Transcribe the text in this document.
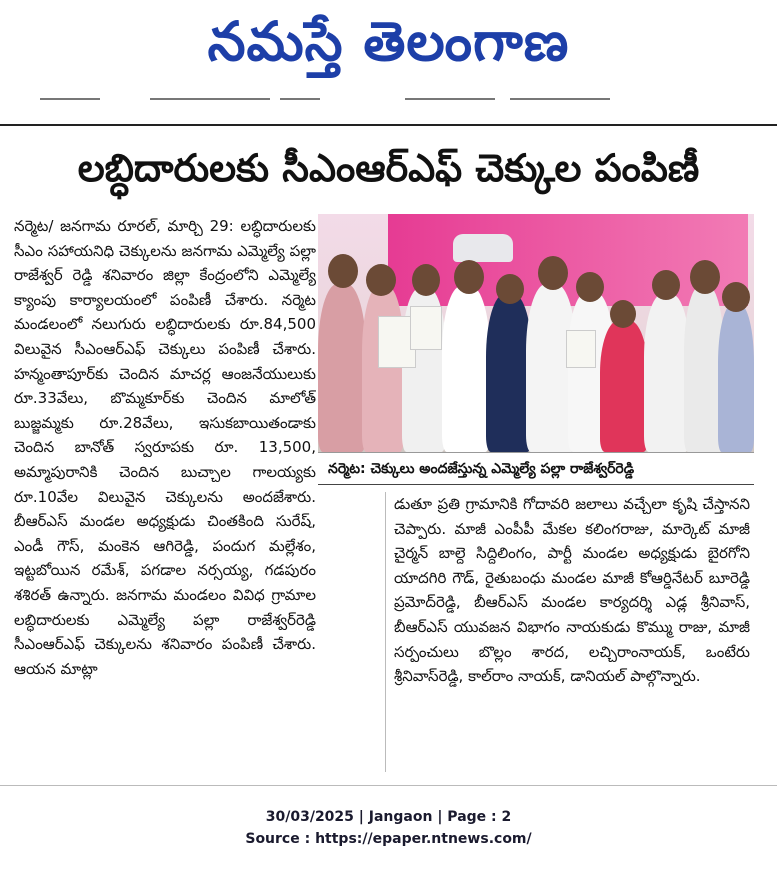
నమస్తే తెలంగాణ
లబ్ధిదారులకు సీఎంఆర్ఎఫ్ చెక్కుల పంపిణీ

నర్మెట/ జనగామ రూరల్, మార్చి 29: లబ్ధిదారులకు సీఎం సహాయనిధి చెక్కులను జనగామ ఎమ్మెల్యే పల్లా రాజేశ్వర్ రెడ్డి శనివారం జిల్లా కేంద్రంలోని ఎమ్మెల్యే క్యాంపు కార్యాలయంలో పంపిణీ చేశారు. నర్మెట మండలంలో నలుగురు లబ్ధిదారులకు రూ.84,500 విలువైన సీఎంఆర్ఎఫ్ చెక్కులు పంపిణీ చేశారు. హన్మంతాపూర్‌కు చెందిన మాచర్ల ఆంజనేయులుకు రూ.33వేలు, బొమ్మకూర్‌కు చెందిన మాలోత్ బుజ్జమ్మకు రూ.28వేలు, ఇసుకబాయితండాకు చెందిన బానోత్ స్వరూపకు రూ. 13,500, అమ్మాపురానికి చెందిన బుచ్చాల గాలయ్యకు రూ.10వేల విలువైన చెక్కులను అందజేశారు. బీఆర్ఎస్ మండల అధ్యక్షుడు చింతకింది సురేష్, ఎండీ గౌస్, మంకెన ఆగిరెడ్డి, పందుగ మల్లేశం, ఇట్టబోయిన రమేశ్, పగడాల నర్సయ్య, గడపురం శశిరత్ ఉన్నారు. జనగామ మండలం వివిధ గ్రామాల లబ్ధిదారులకు ఎమ్మెల్యే పల్లా రాజేశ్వర్‌రెడ్డి సీఎంఆర్ఎఫ్ చెక్కులను శనివారం పంపిణీ చేశారు. ఆయన మాట్లా

నర్మెట: చెక్కులు అందజేస్తున్న ఎమ్మెల్యే పల్లా రాజేశ్వర్‌రెడ్డి

డుతూ ప్రతి గ్రామానికి గోదావరి జలాలు వచ్చేలా కృషి చేస్తానని చెప్పారు. మాజీ ఎంపీపీ మేకల కలింగరాజు, మార్కెట్ మాజీ చైర్మన్ బాల్దె సిద్దిలింగం, పార్టీ మండల అధ్యక్షుడు బైరగోని యాదగిరి గౌడ్, రైతుబంధు మండల మాజీ కోఆర్డినేటర్ బూరెడ్డి ప్రమోద్‌రెడ్డి, బీఆర్ఎస్ మండల కార్యదర్శి ఎడ్ల శ్రీనివాస్, బీఆర్ఎస్ యువజన విభాగం నాయకుడు కొమ్ము రాజు, మాజీ సర్పంచులు బొల్లం శారద, లచ్చిరాంనాయక్, ఒంటేరు శ్రీనివాస్‌రెడ్డి, కాల్‌రాం నాయక్, డానియల్ పాల్గొన్నారు.

30/03/2025 | Jangaon | Page : 2
Source : https://epaper.ntnews.com/
